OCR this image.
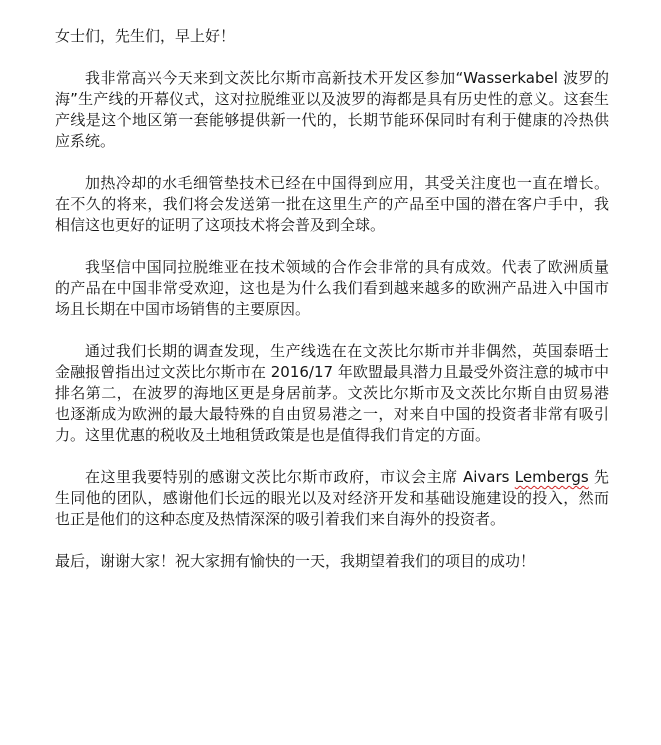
女士们，先生们，早上好！

我非常高兴今天来到文茨比尔斯市高新技术开发区参加“Wasserkabel 波罗的海”生产线的开幕仪式，这对拉脱维亚以及波罗的海都是具有历史性的意义。这套生产线是这个地区第一套能够提供新一代的，长期节能环保同时有利于健康的冷热供应系统。

加热冷却的水毛细管垫技术已经在中国得到应用，其受关注度也一直在增长。在不久的将来，我们将会发送第一批在这里生产的产品至中国的潜在客户手中，我相信这也更好的证明了这项技术将会普及到全球。

我坚信中国同拉脱维亚在技术领域的合作会非常的具有成效。代表了欧洲质量的产品在中国非常受欢迎，这也是为什么我们看到越来越多的欧洲产品进入中国市场且长期在中国市场销售的主要原因。

通过我们长期的调查发现，生产线选在在文茨比尔斯市并非偶然，英国泰晤士金融报曾指出过文茨比尔斯市在 2016/17 年欧盟最具潜力且最受外资注意的城市中排名第二，在波罗的海地区更是身居前茅。文茨比尔斯市及文茨比尔斯自由贸易港也逐渐成为欧洲的最大最特殊的自由贸易港之一，对来自中国的投资者非常有吸引力。这里优惠的税收及土地租赁政策是也是值得我们肯定的方面。

在这里我要特别的感谢文茨比尔斯市政府，市议会主席 Aivars Lembergs 先生同他的团队，感谢他们长远的眼光以及对经济开发和基础设施建设的投入，然而也正是他们的这种态度及热情深深的吸引着我们来自海外的投资者。

最后，谢谢大家！祝大家拥有愉快的一天，我期望着我们的项目的成功！
